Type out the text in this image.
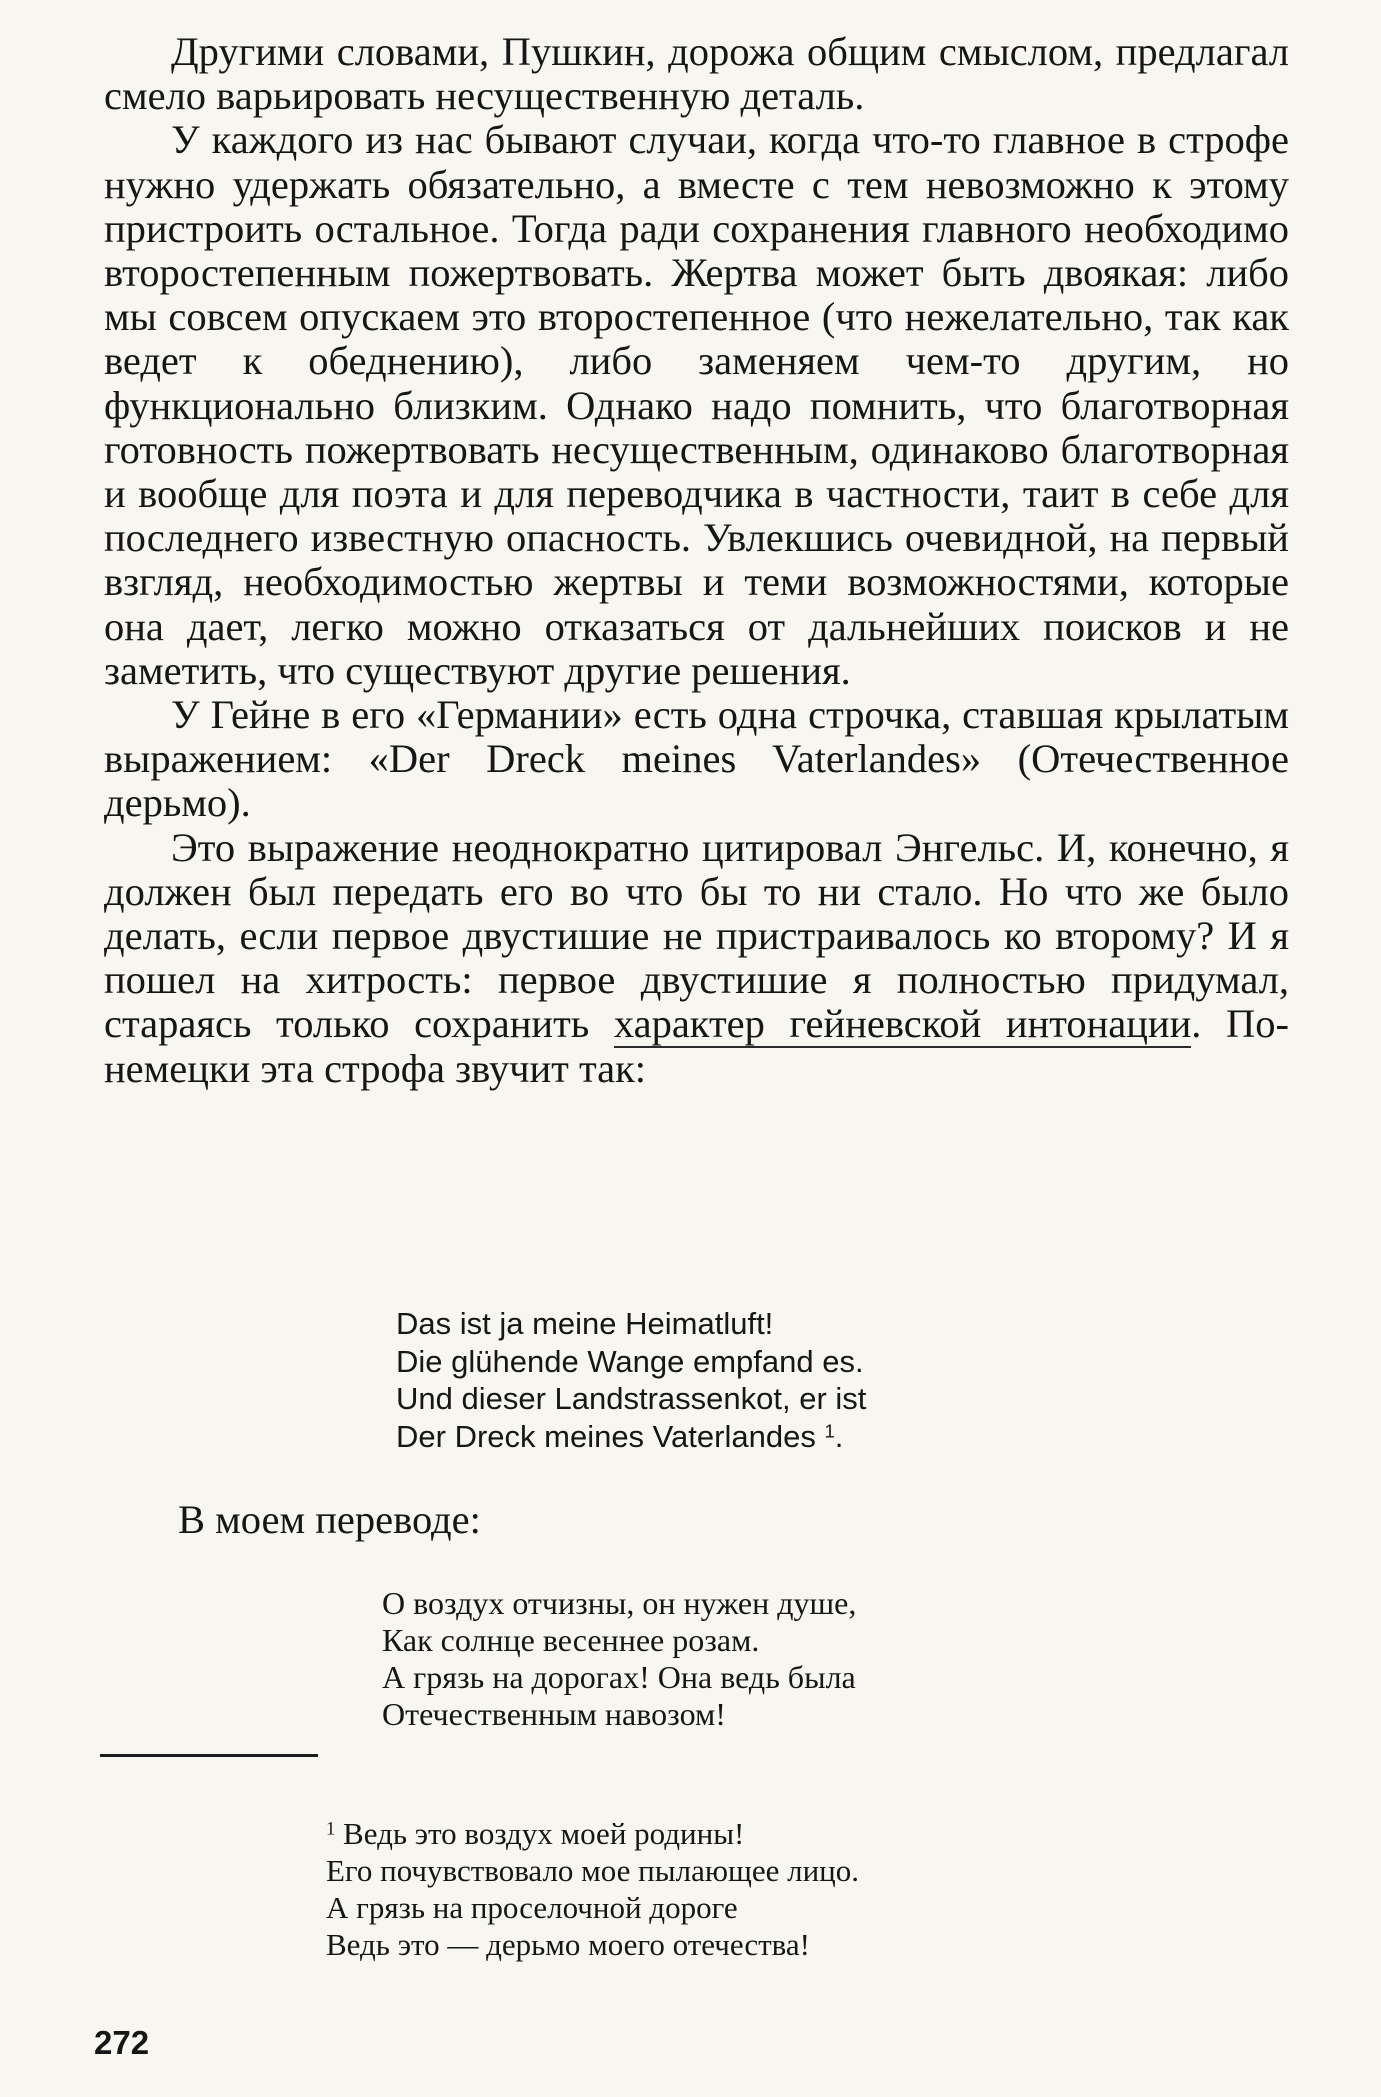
Другими словами, Пушкин, дорожа общим смыслом, предлагал смело варьировать несущественную деталь.

У каждого из нас бывают случаи, когда что-то главное в строфе нужно удержать обязательно, а вместе с тем невозможно к этому пристроить остальное. Тогда ради сохранения главного необходимо второстепенным пожертвовать. Жертва может быть двоякая: либо мы совсем опускаем это второстепенное (что нежелательно, так как ведет к обеднению), либо заменяем чем-то другим, но функционально близким. Однако надо помнить, что благотворная готовность пожертвовать несущественным, одинаково благотворная и вообще для поэта и для переводчика в частности, таит в себе для последнего известную опасность. Увлекшись очевидной, на первый взгляд, необходимостью жертвы и теми возможностями, которые она дает, легко можно отказаться от дальнейших поисков и не заметить, что существуют другие решения.

У Гейне в его «Германии» есть одна строчка, ставшая крылатым выражением: «Der Dreck meines Vaterlandes» (Отечественное дерьмо).

Это выражение неоднократно цитировал Энгельс. И, конечно, я должен был передать его во что бы то ни стало. Но что же было делать, если первое двустишие не пристраивалось ко второму? И я пошел на хитрость: первое двустишие я полностью придумал, стараясь только сохранить характер гейневской интонации. По-немецки эта строфа звучит так:

Das ist ja meine Heimatluft!
Die glühende Wange empfand es.
Und dieser Landstrassenkot, er ist
Der Dreck meines Vaterlandes $^1$.
В моем переводе:
О воздух отчизны, он нужен душе,
Как солнце весеннее розам.
А грязь на дорогах! Она ведь была
Отечественным навозом!
$^1$ Ведь это воздух моей родины!
Его почувствовало мое пылающее лицо.
А грязь на проселочной дороге
Ведь это — дерьмо моего отечества!
272
